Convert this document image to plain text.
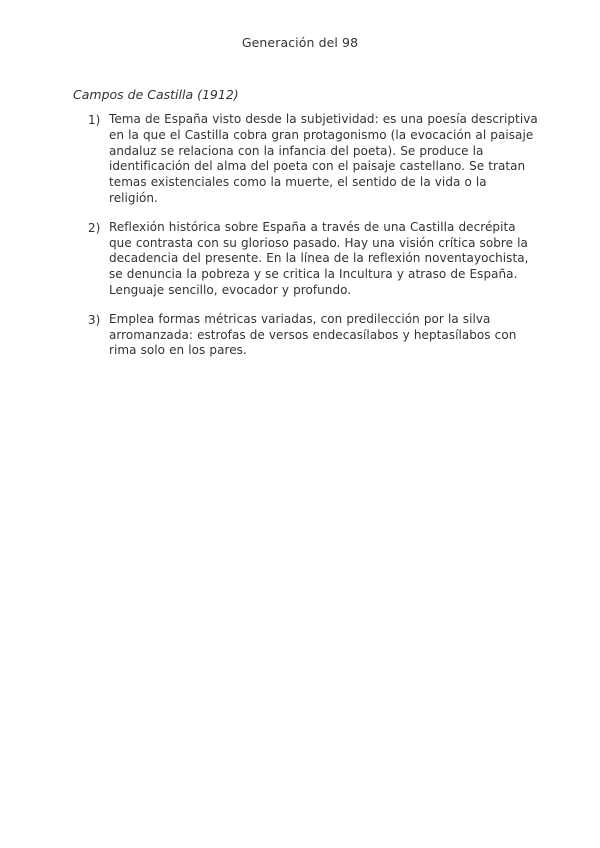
Generación del 98
Campos de Castilla (1912)
1) Tema de España visto desde la subjetividad: es una poesía descriptiva en la que el Castilla cobra gran protagonismo (la evocación al paisaje andaluz se relaciona con la infancia del poeta). Se produce la identificación del alma del poeta con el paisaje castellano. Se tratan temas existenciales como la muerte, el sentido de la vida o la religión.
2) Reflexión histórica sobre España a través de una Castilla decrépita que contrasta con su glorioso pasado. Hay una visión crítica sobre la decadencia del presente. En la línea de la reflexión noventayochista, se denuncia la pobreza y se critica la Incultura y atraso de España. Lenguaje sencillo, evocador y profundo.
3) Emplea formas métricas variadas, con predilección por la silva arromanzada: estrofas de versos endecasílabos y heptasílabos con rima solo en los pares.
